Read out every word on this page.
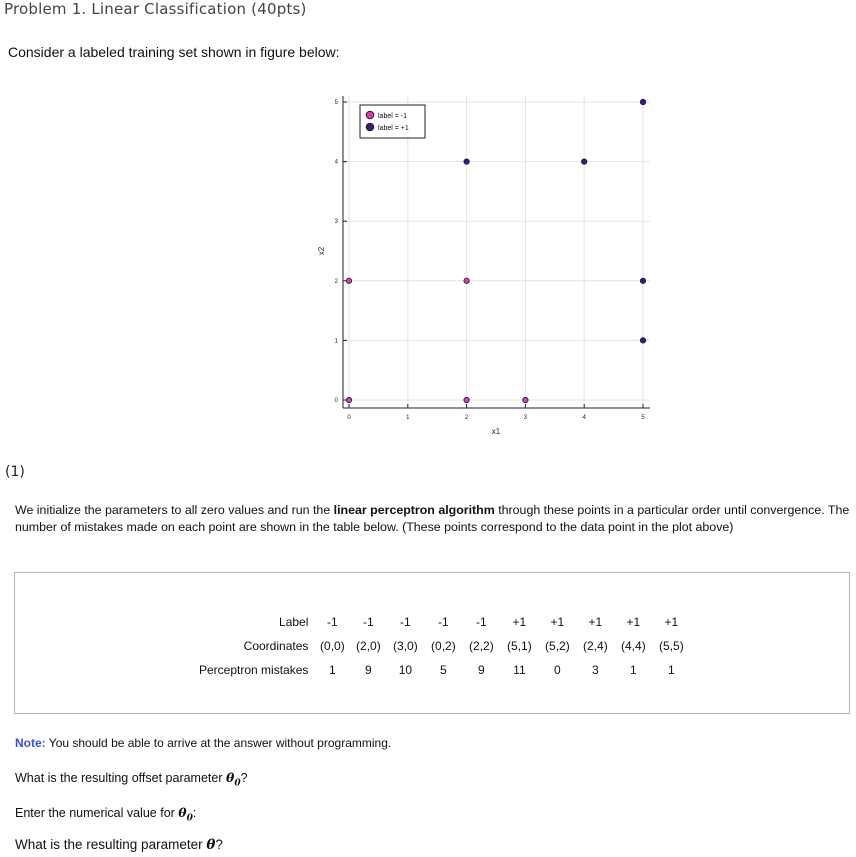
Problem 1. Linear Classification (40pts)
Consider a labeled training set shown in figure below:
0	1	2	3	4	5
0
1
2
3
4
5
x1
x2
label = -1
label = +1
(1)
We initialize the parameters to all zero values and run the linear perceptron algorithm through these points in a particular order until convergence. The number of mistakes made on each point are shown in the table below. (These points correspond to the data point in the plot above)
Label	-1	-1	-1	-1	-1	+1	+1	+1	+1	+1
Coordinates	(0,0)	(2,0)	(3,0)	(0,2)	(2,2)	(5,1)	(5,2)	(2,4)	(4,4)	(5,5)
Perceptron mistakes	1	9	10	5	9	11	0	3	1	1
Note: You should be able to arrive at the answer without programming.
What is the resulting offset parameter $\theta_0$?
Enter the numerical value for $\theta_0$:
What is the resulting parameter θ?
